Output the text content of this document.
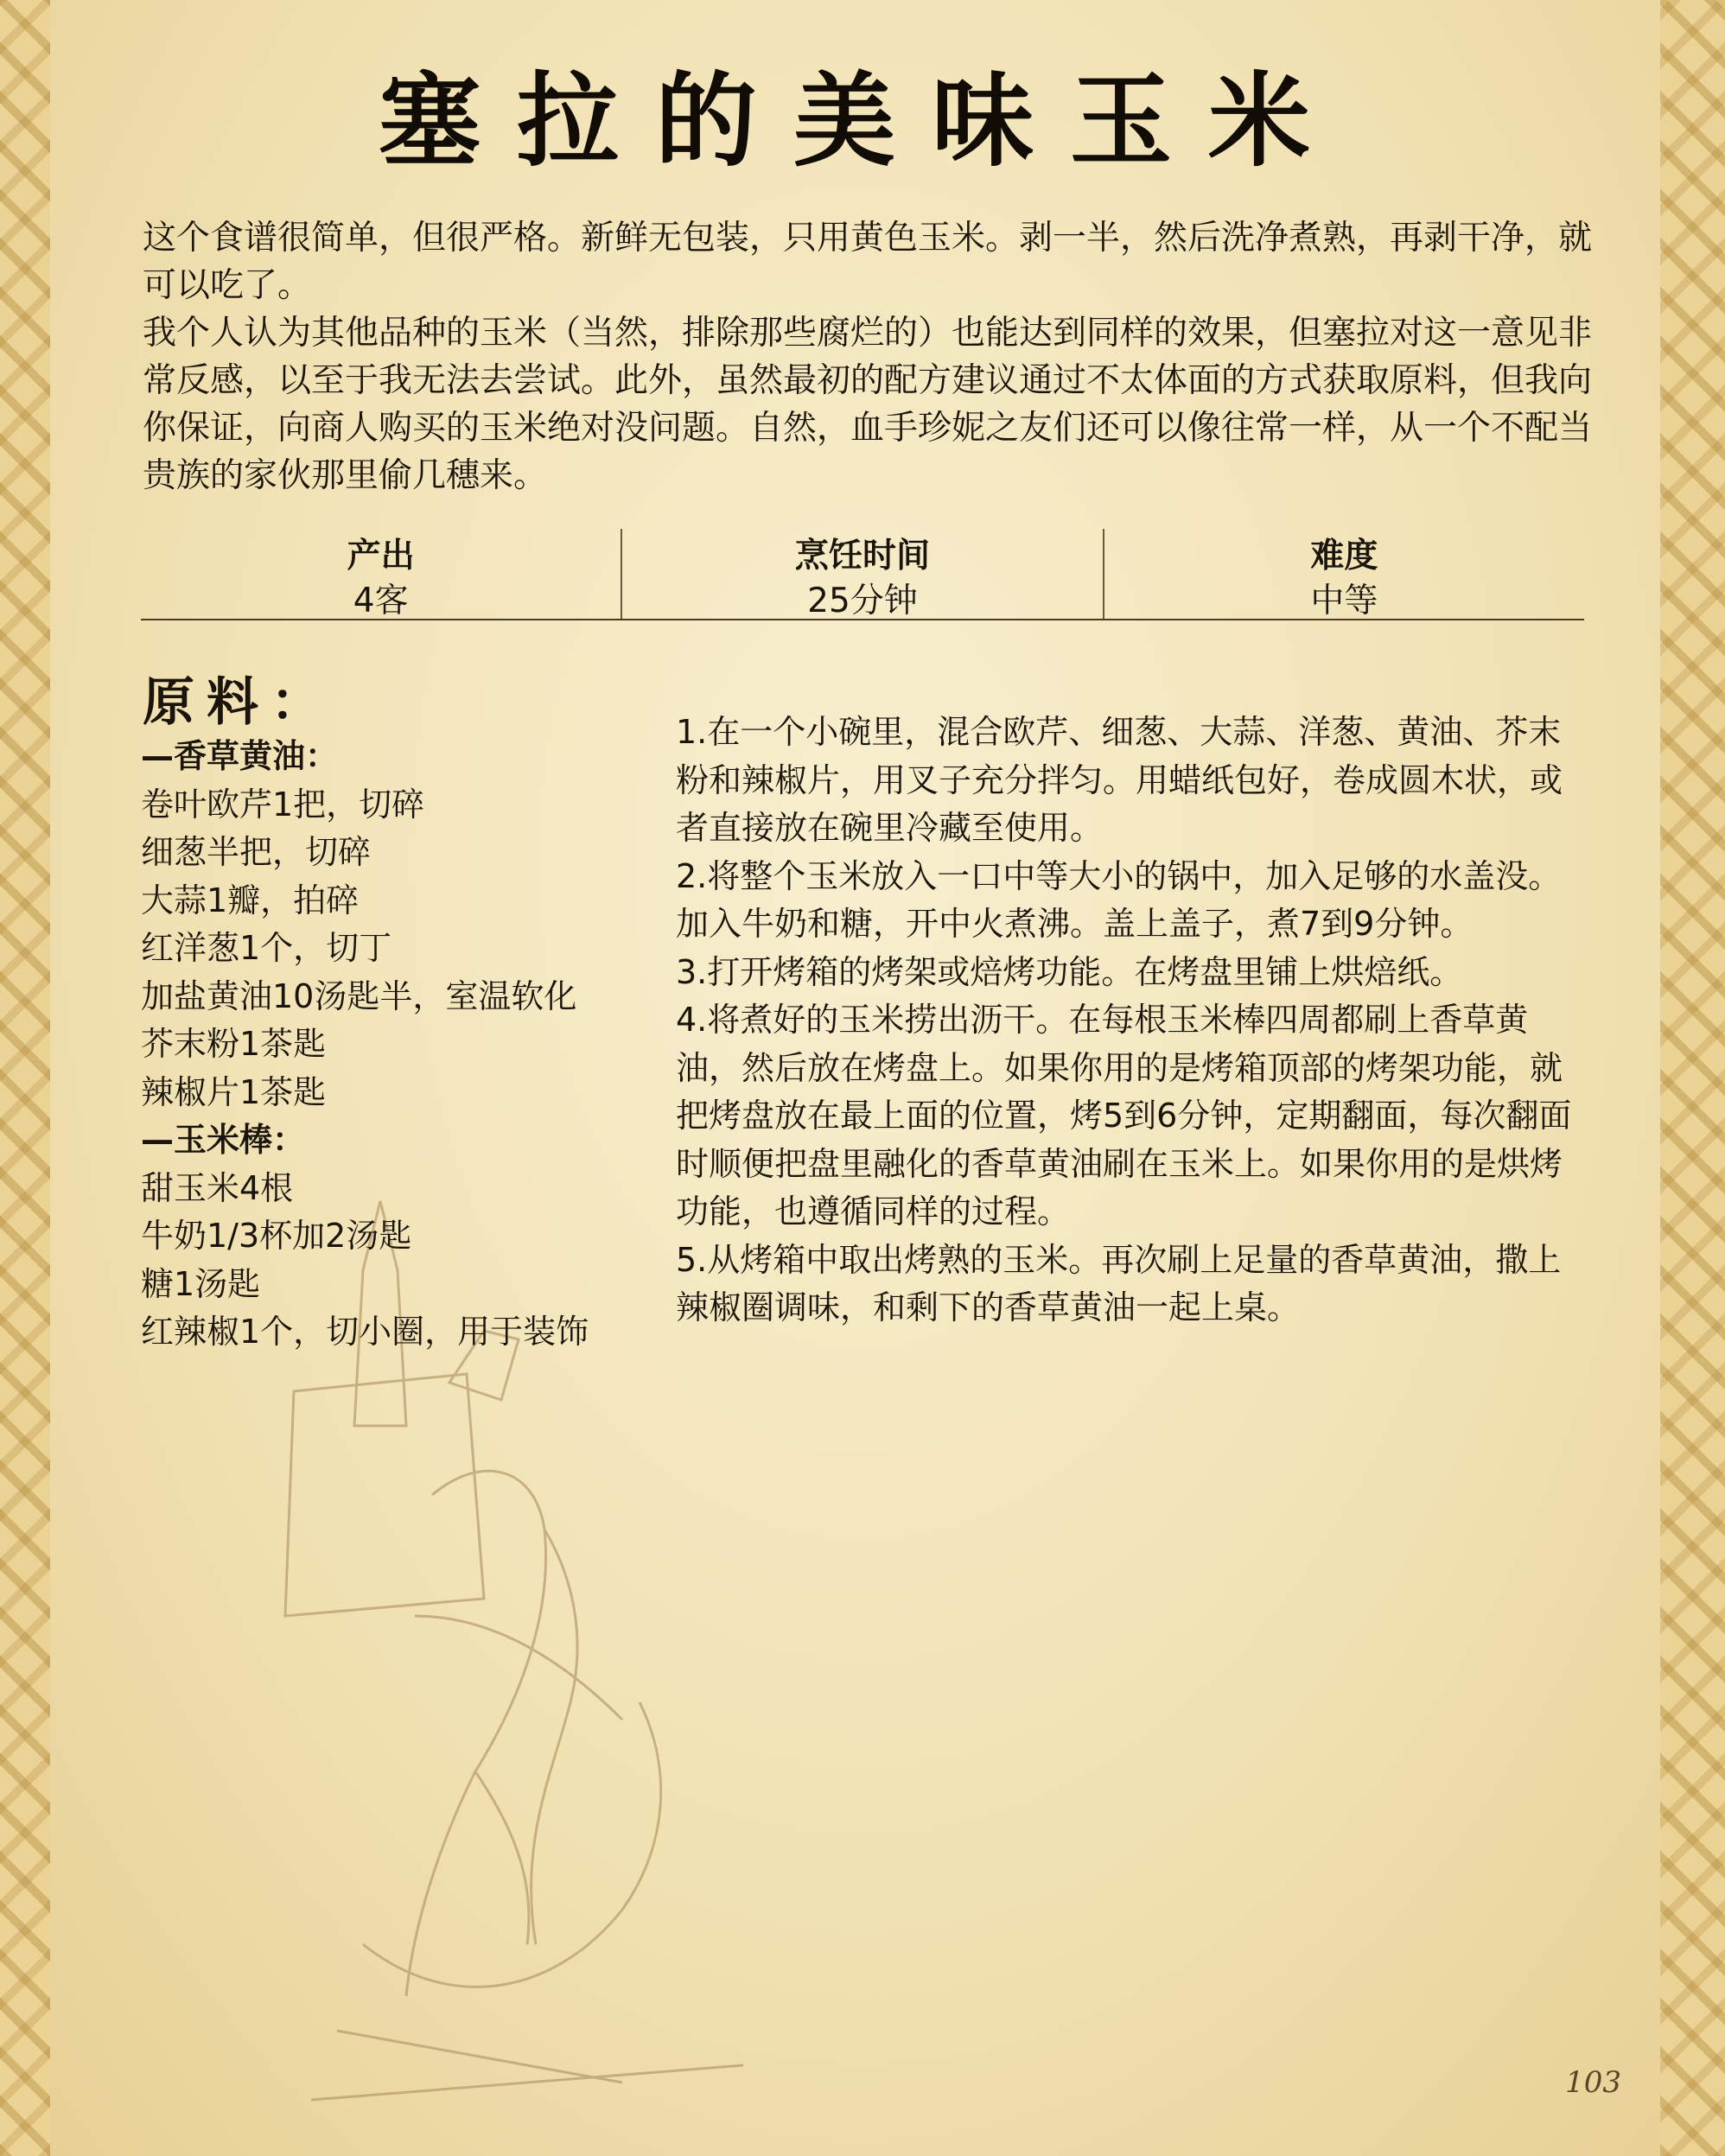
塞拉的美味玉米

这个食谱很简单，但很严格。新鲜无包装，只用黄色玉米。剥一半，然后洗净煮熟，再剥干净，就可以吃了。

我个人认为其他品种的玉米（当然，排除那些腐烂的）也能达到同样的效果，但塞拉对这一意见非常反感，以至于我无法去尝试。此外，虽然最初的配方建议通过不太体面的方式获取原料，但我向你保证，向商人购买的玉米绝对没问题。自然，血手珍妮之友们还可以像往常一样，从一个不配当贵族的家伙那里偷几穗来。

产出
4客
烹饪时间
25分钟
难度
中等
原料：
—香草黄油：
卷叶欧芹1把，切碎
细葱半把，切碎
大蒜1瓣，拍碎
红洋葱1个，切丁
加盐黄油10汤匙半，室温软化
芥末粉1茶匙
辣椒片1茶匙
—玉米棒：
甜玉米4根
牛奶1/3杯加2汤匙
糖1汤匙
红辣椒1个，切小圈，用于装饰

1.在一个小碗里，混合欧芹、细葱、大蒜、洋葱、黄油、芥末粉和辣椒片，用叉子充分拌匀。用蜡纸包好，卷成圆木状，或者直接放在碗里冷藏至使用。

2.将整个玉米放入一口中等大小的锅中，加入足够的水盖没。加入牛奶和糖，开中火煮沸。盖上盖子，煮7到9分钟。

3.打开烤箱的烤架或焙烤功能。在烤盘里铺上烘焙纸。

4.将煮好的玉米捞出沥干。在每根玉米棒四周都刷上香草黄油，然后放在烤盘上。如果你用的是烤箱顶部的烤架功能，就把烤盘放在最上面的位置，烤5到6分钟，定期翻面，每次翻面时顺便把盘里融化的香草黄油刷在玉米上。如果你用的是烘烤功能，也遵循同样的过程。

5.从烤箱中取出烤熟的玉米。再次刷上足量的香草黄油，撒上辣椒圈调味，和剩下的香草黄油一起上桌。

103
